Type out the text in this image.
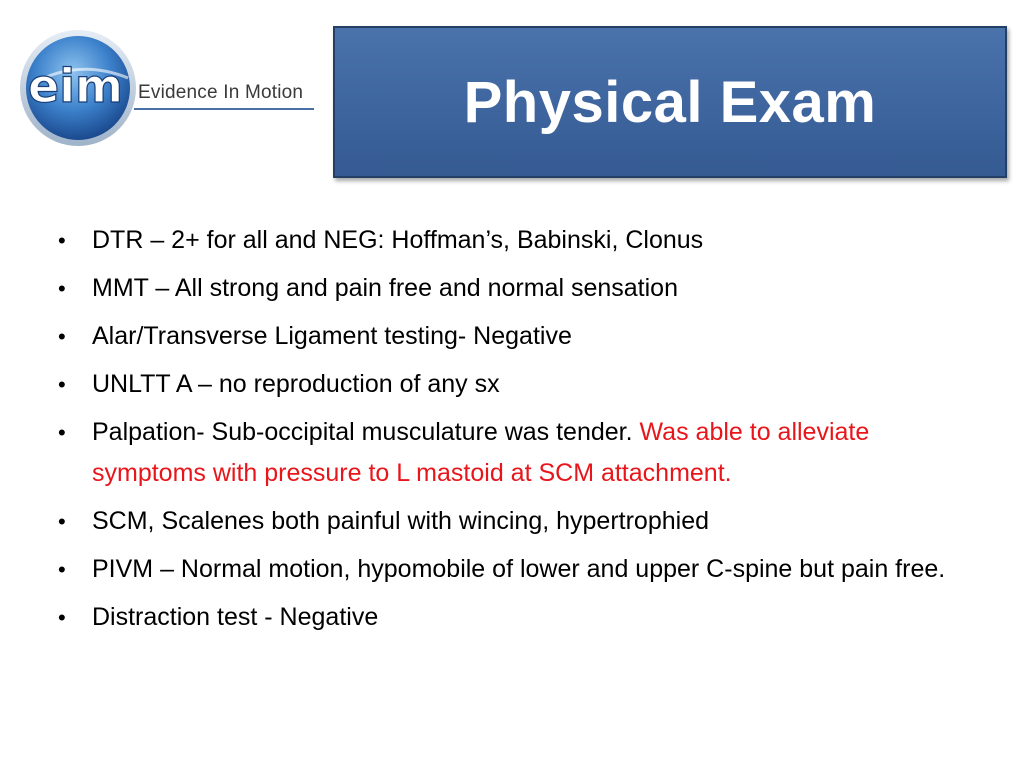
eim Evidence In Motion	Physical Exam
• DTR – 2+ for all and NEG: Hoffman’s, Babinski, Clonus
• MMT – All strong and pain free and normal sensation
• Alar/Transverse Ligament testing- Negative
• UNLTT A – no reproduction of any sx
• Palpation- Sub-occipital musculature was tender. Was able to alleviate symptoms with pressure to L mastoid at SCM attachment.
• SCM, Scalenes both painful with wincing, hypertrophied
• PIVM – Normal motion, hypomobile of lower and upper C-spine but pain free.
• Distraction test - Negative
